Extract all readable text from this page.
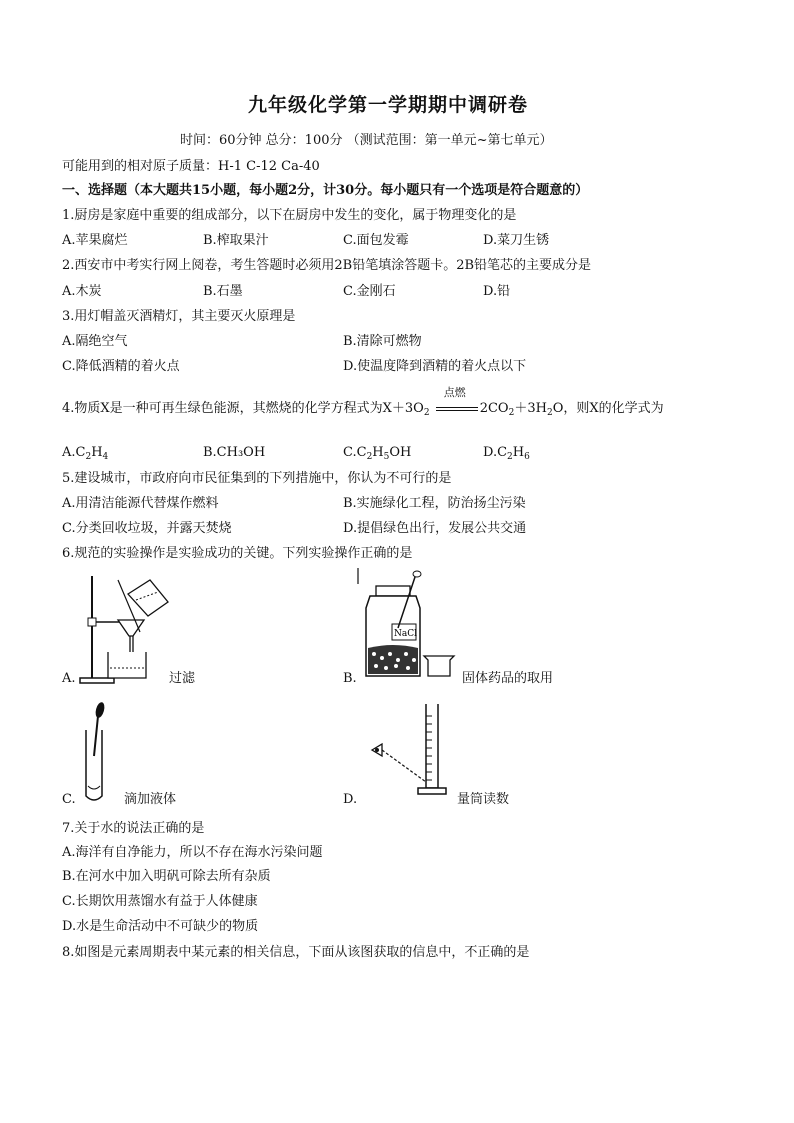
九年级化学第一学期期中调研卷
时间：60分钟 总分：100分 （测试范围：第一单元~第七单元）
可能用到的相对原子质量：H-1 C-12 Ca-40
一、选择题（本大题共15小题，每小题2分，计30分。每小题只有一个选项是符合题意的）
1.厨房是家庭中重要的组成部分，以下在厨房中发生的变化，属于物理变化的是
A.苹果腐烂	B.榨取果汁	C.面包发霉	D.菜刀生锈
2.西安市中考实行网上阅卷，考生答题时必须用2B铅笔填涂答题卡。2B铅笔芯的主要成分是
A.木炭	B.石墨	C.金刚石	D.铅
3.用灯帽盖灭酒精灯，其主要灭火原理是
A.隔绝空气	B.清除可燃物
C.降低酒精的着火点	D.使温度降到酒精的着火点以下
4.物质X是一种可再生绿色能源，其燃烧的化学方程式为$X+3O_2$
点燃
$2CO_2+3H_2O$，则X的化学式为
$A.C_2H_4$	B.CH₃OH	$C.C_2H_5OH$	$D.C_2H_6$
5.建设城市，市政府向市民征集到的下列措施中，你认为不可行的是
A.用清洁能源代替煤作燃料	B.实施绿化工程，防治扬尘污染
C.分类回收垃圾，并露天焚烧	D.提倡绿色出行，发展公共交通
6.规范的实验操作是实验成功的关键。下列实验操作正确的是
A.	过滤
NaCl
B.	固体药品的取用
C.	滴加液体	D.	量筒读数
7.关于水的说法正确的是
A.海洋有自净能力，所以不存在海水污染问题
B.在河水中加入明矾可除去所有杂质
C.长期饮用蒸馏水有益于人体健康
D.水是生命活动中不可缺少的物质
8.如图是元素周期表中某元素的相关信息，下面从该图获取的信息中，不正确的是
